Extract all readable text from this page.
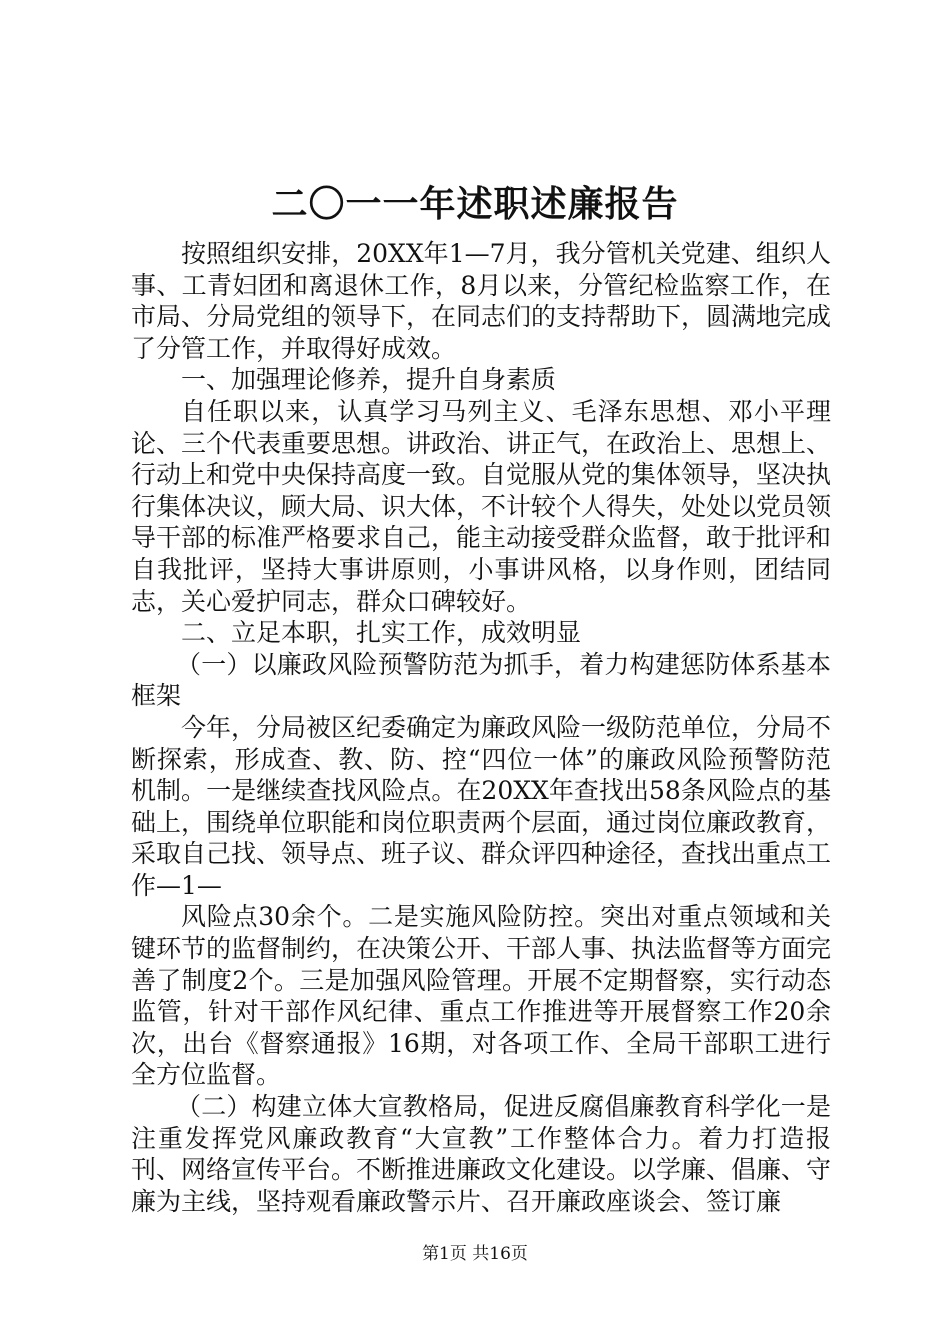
二〇一一年述职述廉报告

按照组织安排，20XX年1—7月，我分管机关党建、组织人事、工青妇团和离退休工作，8月以来，分管纪检监察工作，在市局、分局党组的领导下，在同志们的支持帮助下，圆满地完成了分管工作，并取得好成效。

一、加强理论修养，提升自身素质

自任职以来，认真学习马列主义、毛泽东思想、邓小平理论、三个代表重要思想。讲政治、讲正气，在政治上、思想上、行动上和党中央保持高度一致。自觉服从党的集体领导，坚决执行集体决议，顾大局、识大体，不计较个人得失，处处以党员领导干部的标准严格要求自己，能主动接受群众监督，敢于批评和自我批评，坚持大事讲原则，小事讲风格，以身作则，团结同志，关心爱护同志，群众口碑较好。

二、立足本职，扎实工作，成效明显

（一）以廉政风险预警防范为抓手，着力构建惩防体系基本框架

今年，分局被区纪委确定为廉政风险一级防范单位，分局不断探索，形成查、教、防、控“四位一体”的廉政风险预警防范机制。一是继续查找风险点。在20XX年查找出58条风险点的基础上，围绕单位职能和岗位职责两个层面，通过岗位廉政教育，采取自己找、领导点、班子议、群众评四种途径，查找出重点工作—1—

风险点30余个。二是实施风险防控。突出对重点领域和关键环节的监督制约，在决策公开、干部人事、执法监督等方面完善了制度2个。三是加强风险管理。开展不定期督察，实行动态监管，针对干部作风纪律、重点工作推进等开展督察工作20余次，出台《督察通报》16期，对各项工作、全局干部职工进行全方位监督。

（二）构建立体大宣教格局，促进反腐倡廉教育科学化一是注重发挥党风廉政教育“大宣教”工作整体合力。着力打造报刊、网络宣传平台。不断推进廉政文化建设。以学廉、倡廉、守廉为主线，坚持观看廉政警示片、召开廉政座谈会、签订廉

第1页 共16页
